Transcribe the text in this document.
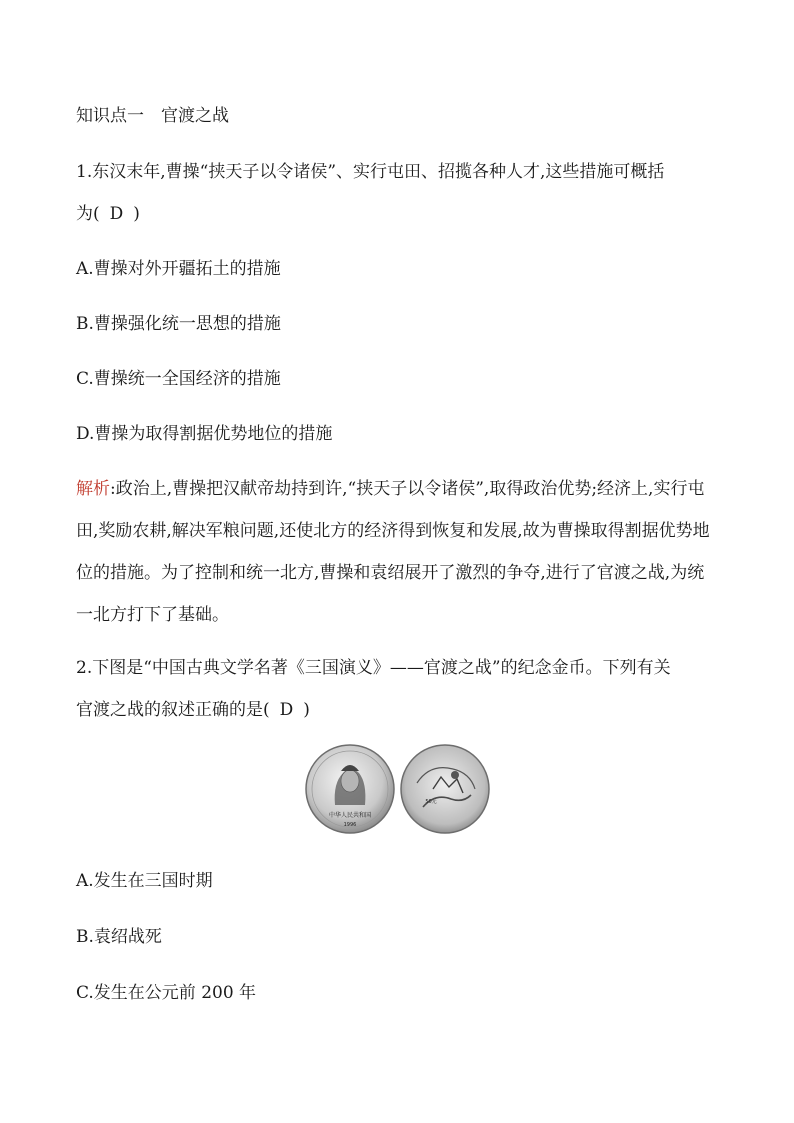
知识点一　官渡之战
1.东汉末年,曹操“挟天子以令诸侯”、实行屯田、招揽各种人才,这些措施可概括
为( D )
A.曹操对外开疆拓土的措施
B.曹操强化统一思想的措施
C.曹操统一全国经济的措施
D.曹操为取得割据优势地位的措施
解析:政治上,曹操把汉献帝劫持到许,“挟天子以令诸侯”,取得政治优势;经济上,实行屯田,奖励农耕,解决军粮问题,还使北方的经济得到恢复和发展,故为曹操取得割据优势地位的措施。为了控制和统一北方,曹操和袁绍展开了激烈的争夺,进行了官渡之战,为统一北方打下了基础。
2.下图是“中国古典文学名著《三国演义》——官渡之战”的纪念金币。下列有关
官渡之战的叙述正确的是( D )
中华人民共和国
1996
50元
A.发生在三国时期
B.袁绍战死
C.发生在公元前 200 年
